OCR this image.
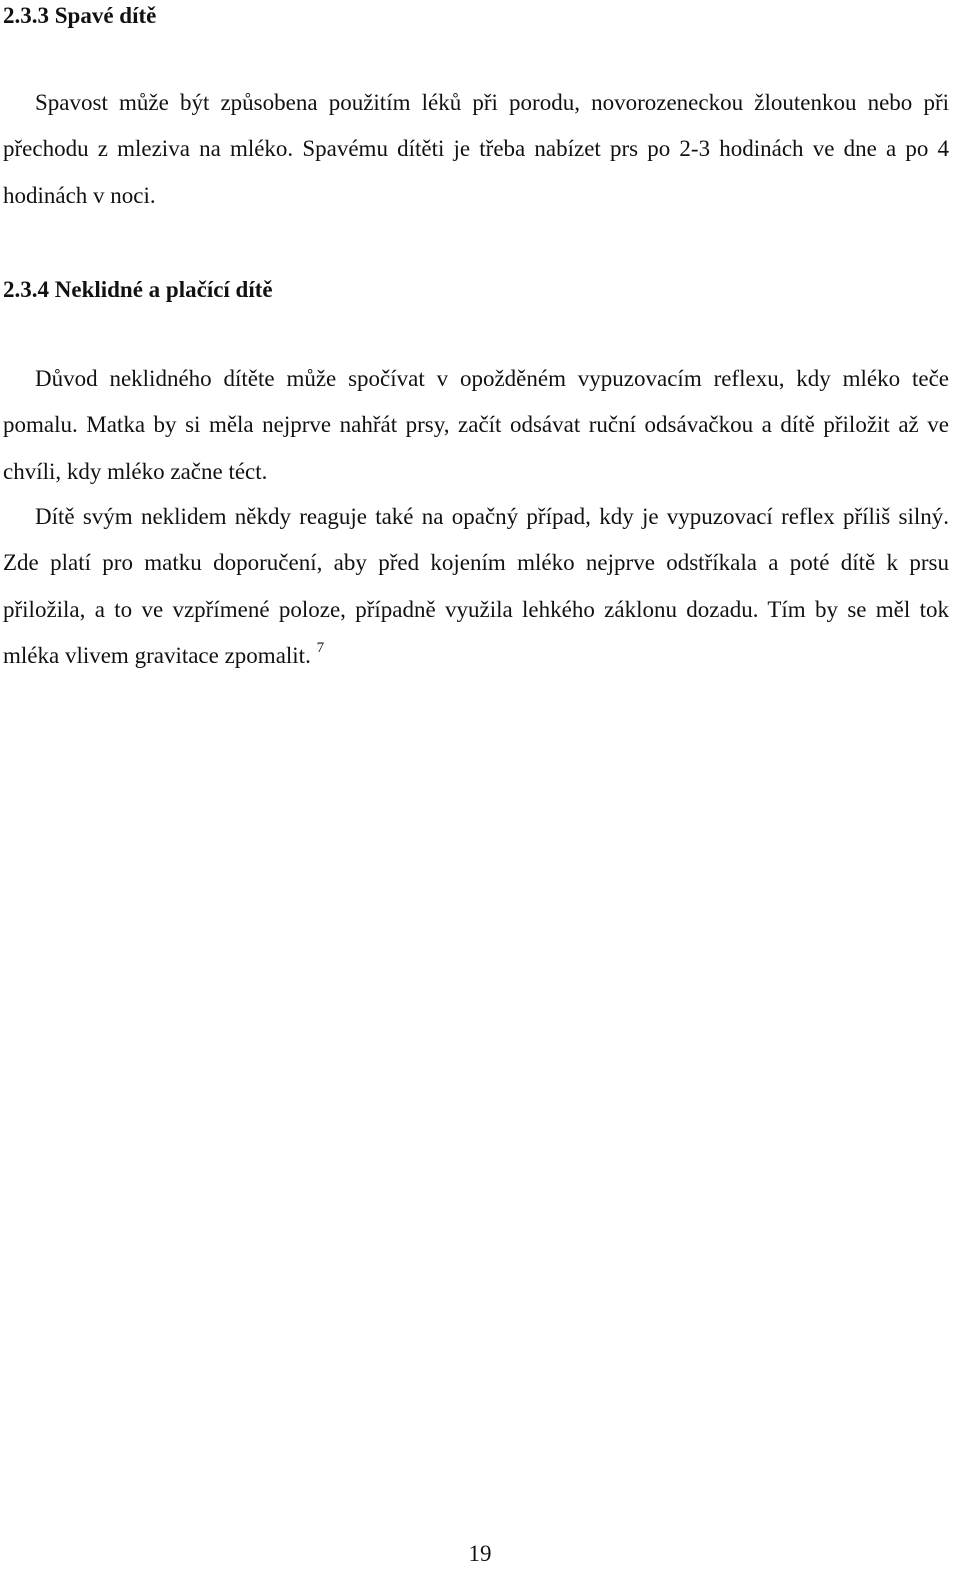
2.3.3 Spavé dítě

Spavost může být způsobena použitím léků při porodu, novorozeneckou žloutenkou nebo při přechodu z mleziva na mléko. Spavému dítěti je třeba nabízet prs po 2-3 hodinách ve dne a po 4 hodinách v noci.

2.3.4 Neklidné a plačící dítě

Důvod neklidného dítěte může spočívat v opožděném vypuzovacím reflexu, kdy mléko teče pomalu. Matka by si měla nejprve nahřát prsy, začít odsávat ruční odsávačkou a dítě přiložit až ve chvíli, kdy mléko začne téct.

Dítě svým neklidem někdy reaguje také na opačný případ, kdy je vypuzovací reflex příliš silný. Zde platí pro matku doporučení, aby před kojením mléko nejprve odstříkala a poté dítě k prsu přiložila, a to ve vzpřímené poloze, případně využila lehkého záklonu dozadu. Tím by se měl tok mléka vlivem gravitace zpomalit. $^7$

19
